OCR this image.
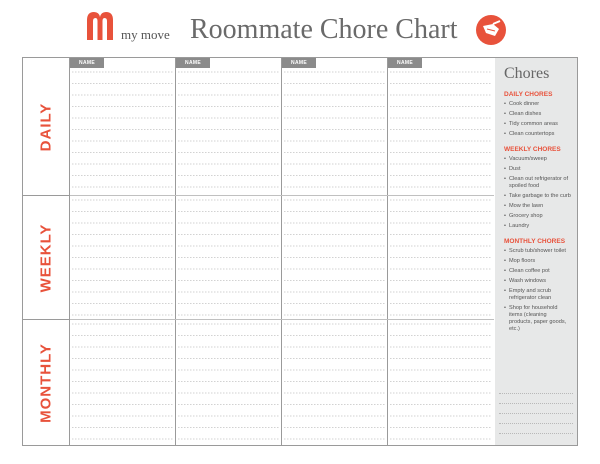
my move Roommate Chore Chart
DAILY
WEEKLY
MONTHLY
NAME	NAME	NAME	NAME
Chores
DAILY CHORES
• Cook dinner
• Clean dishes
• Tidy common areas
• Clean countertops
WEEKLY CHORES
• Vacuum/sweep
• Dust
• Clean out refrigerator of spoiled food
• Take garbage to the curb
• Mow the lawn
• Grocery shop
• Laundry
MONTHLY CHORES
• Scrub tub/shower toilet
• Mop floors
• Clean coffee pot
• Wash windows
• Empty and scrub refrigerator clean
• Shop for household items (cleaning products, paper goods, etc.)
